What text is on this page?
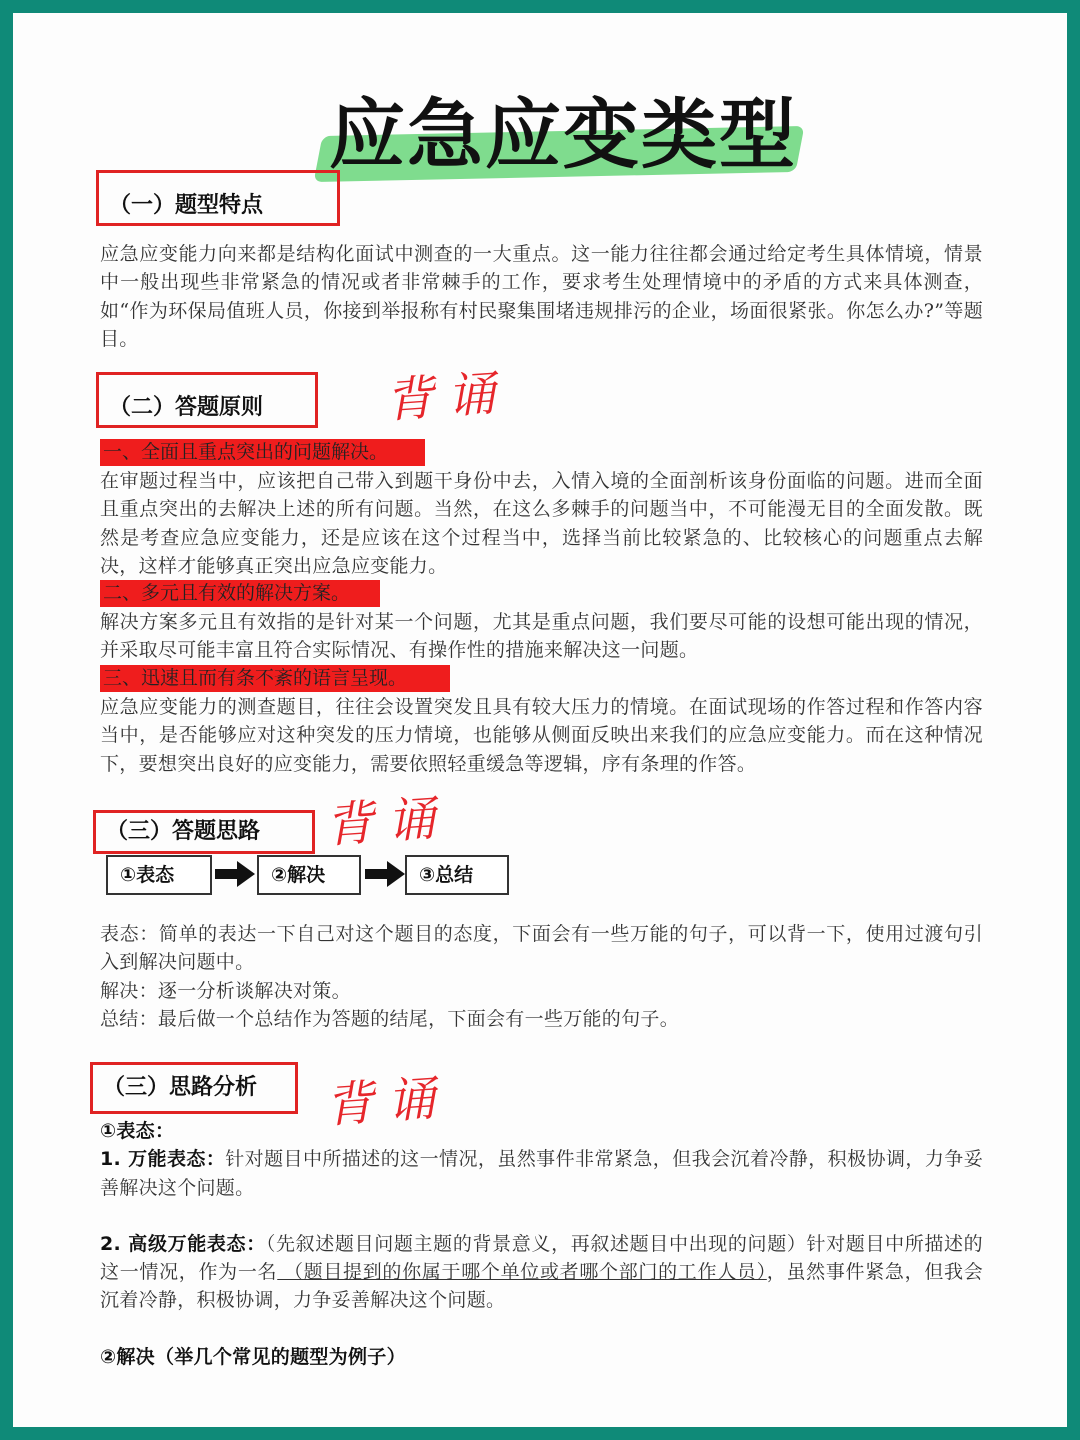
应急应变类型
（一）题型特点

应急应变能力向来都是结构化面试中测查的一大重点。这一能力往往都会通过给定考生具体情境，情景中一般出现些非常紧急的情况或者非常棘手的工作，要求考生处理情境中的矛盾的方式来具体测查，如“作为环保局值班人员，你接到举报称有村民聚集围堵违规排污的企业，场面很紧张。你怎么办?”等题目。

（二）答题原则	背诵
一、全面且重点突出的问题解决。

在审题过程当中，应该把自己带入到题干身份中去，入情入境的全面剖析该身份面临的问题。进而全面且重点突出的去解决上述的所有问题。当然，在这么多棘手的问题当中，不可能漫无目的全面发散。既然是考查应急应变能力，还是应该在这个过程当中，选择当前比较紧急的、比较核心的问题重点去解决，这样才能够真正突出应急应变能力。

二、多元且有效的解决方案。

解决方案多元且有效指的是针对某一个问题，尤其是重点问题，我们要尽可能的设想可能出现的情况，并采取尽可能丰富且符合实际情况、有操作性的措施来解决这一问题。

三、迅速且而有条不紊的语言呈现。

应急应变能力的测查题目，往往会设置突发且具有较大压力的情境。在面试现场的作答过程和作答内容当中，是否能够应对这种突发的压力情境，也能够从侧面反映出来我们的应急应变能力。而在这种情况下，要想突出良好的应变能力，需要依照轻重缓急等逻辑，序有条理的作答。

（三）答题思路	背诵
①表态	②解决	③总结

表态：简单的表达一下自己对这个题目的态度，下面会有一些万能的句子，可以背一下，使用过渡句引入到解决问题中。

解决：逐一分析谈解决对策。

总结：最后做一个总结作为答题的结尾，下面会有一些万能的句子。

（三）思路分析	背诵

①表态：

1. 万能表态：针对题目中所描述的这一情况，虽然事件非常紧急，但我会沉着冷静，积极协调，力争妥善解决这个问题。

2. 高级万能表态：（先叙述题目问题主题的背景意义，再叙述题目中出现的问题）针对题目中所描述的这一情况，作为一名 （题目提到的你属于哪个单位或者哪个部门的工作人员），虽然事件紧急，但我会沉着冷静，积极协调，力争妥善解决这个问题。

②解决（举几个常见的题型为例子）
